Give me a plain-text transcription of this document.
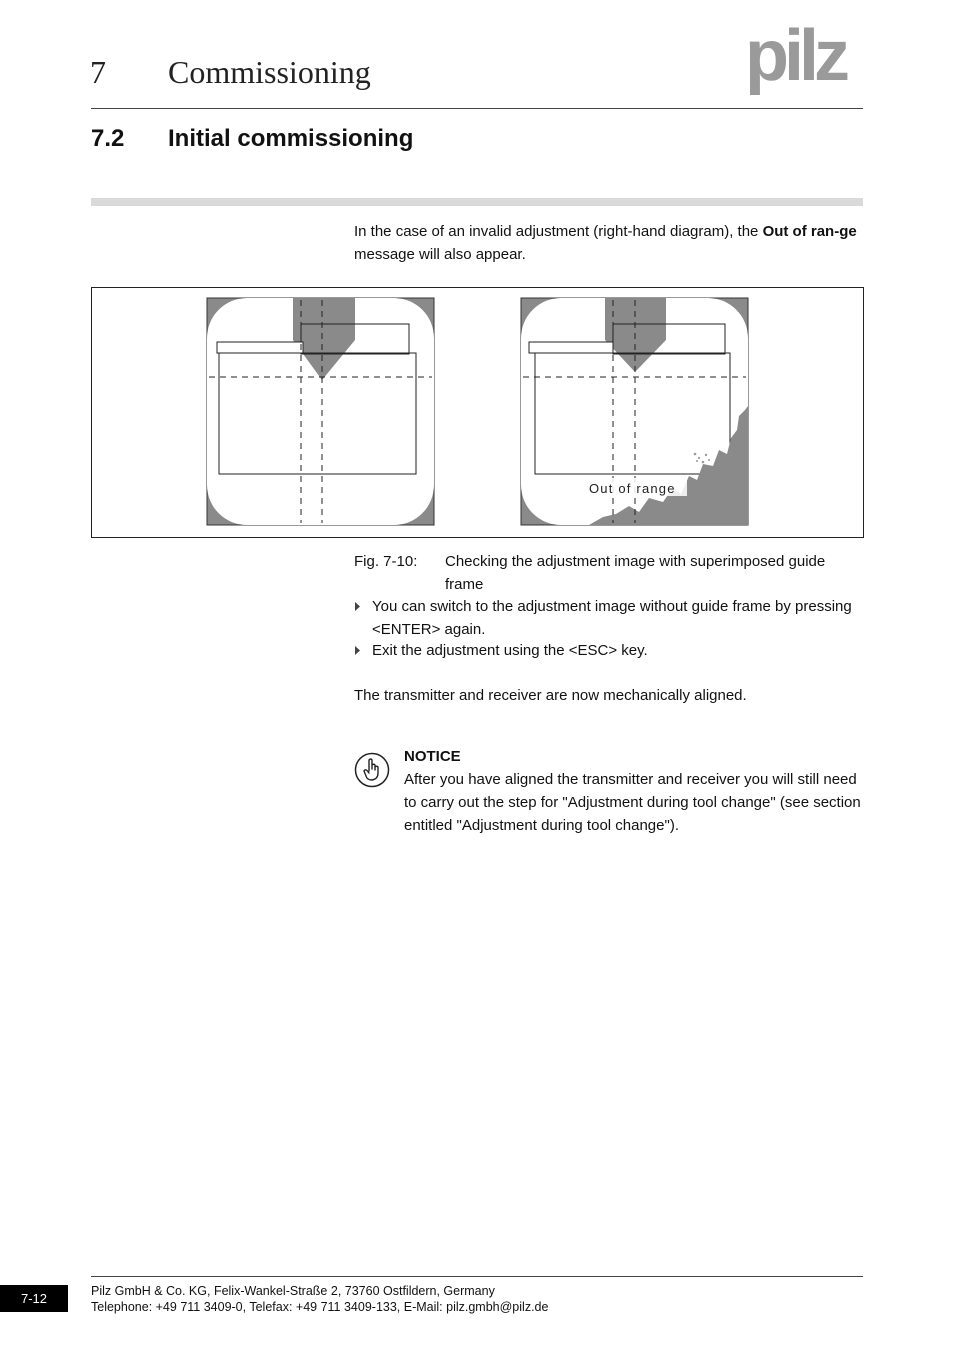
7 Commissioning	pilz
7.2 Initial commissioning
In the case of an invalid adjustment (right-hand diagram), the Out of ran-ge message will also appear.
Out of range
Fig. 7-10: Checking the adjustment image with superimposed guide frame
You can switch to the adjustment image without guide frame by pressing <ENTER> again.
Exit the adjustment using the <ESC> key.
The transmitter and receiver are now mechanically aligned.
NOTICE
After you have aligned the transmitter and receiver you will still need to carry out the step for "Adjustment during tool change" (see section entitled "Adjustment during tool change").
7-12	Pilz GmbH & Co. KG, Felix-Wankel-Straße 2, 73760 Ostfildern, Germany
Telephone: +49 711 3409-0, Telefax: +49 711 3409-133, E-Mail: pilz.gmbh@pilz.de
